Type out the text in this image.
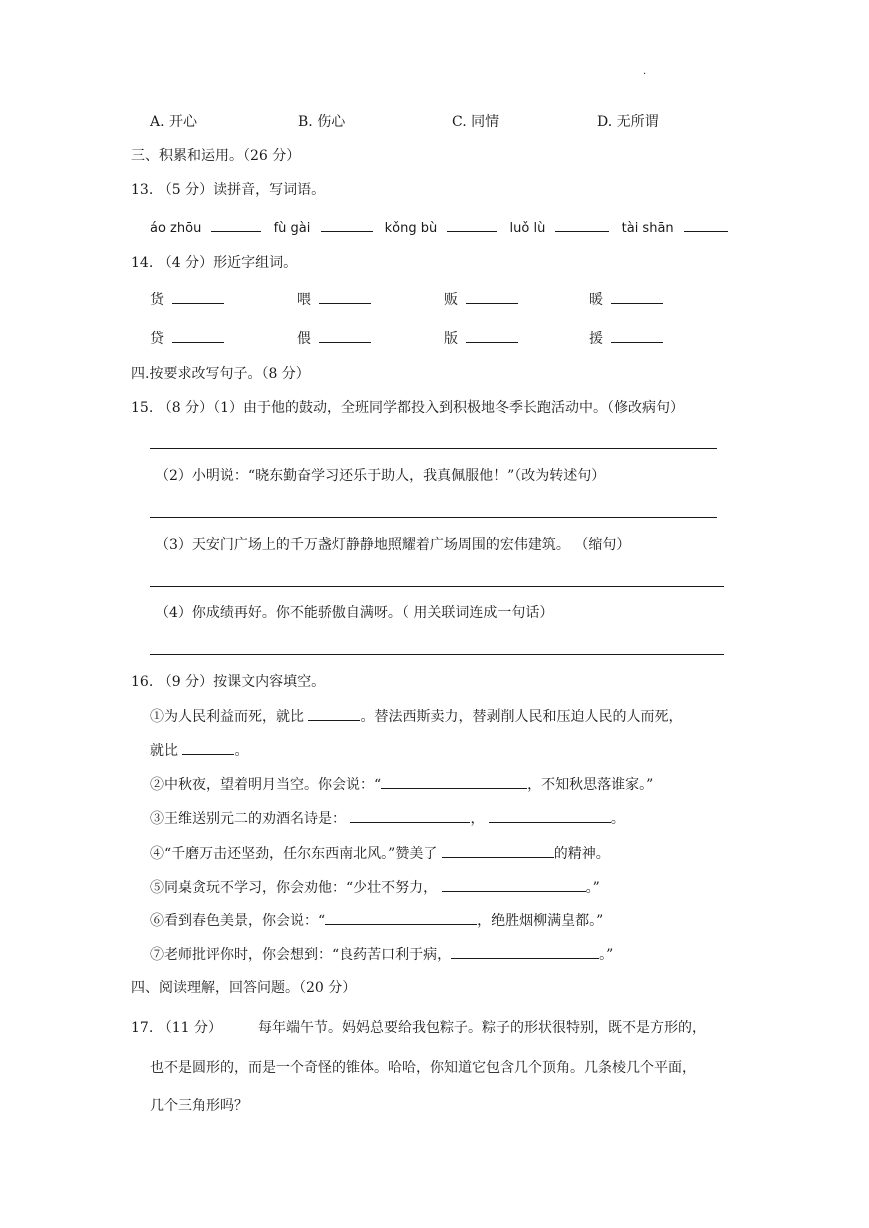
.
A. 开心	B. 伤心	C. 同情	D. 无所谓
三、积累和运用。（26 分）
13. （5 分）读拼音，写词语。
áo zhōu	fù gài	kǒng bù	luǒ lù	tài shān
14. （4 分）形近字组词。
货	喂	贩	暖
贷	偎	版	援
四.按要求改写句子。（8 分）
15. （8 分）（1）由于他的鼓动，全班同学都投入到积极地冬季长跑活动中。（修改病句）
（2）小明说：“晓东勤奋学习还乐于助人，我真佩服他！”（改为转述句）
（3）天安门广场上的千万盏灯静静地照耀着广场周围的宏伟建筑。 （缩句）
（4）你成绩再好。你不能骄傲自满呀。（ 用关联词连成一句话）
16. （9 分）按课文内容填空。
①为人民利益而死，就比	。替法西斯卖力，替剥削人民和压迫人民的人而死，
就比	。
②中秋夜，望着明月当空。你会说：“	，不知秋思落谁家。”
③王维送别元二的劝酒名诗是：	，	。
④“千磨万击还坚劲，任尔东西南北风。”赞美了	的精神。
⑤同桌贪玩不学习，你会劝他：“少壮不努力，	。”
⑥看到春色美景，你会说：“	，绝胜烟柳满皇都。”
⑦老师批评你时，你会想到：“良药苦口利于病，	。”
四、阅读理解，回答问题。（20 分）
17. （11 分）	每年端午节。妈妈总要给我包粽子。粽子的形状很特别，既不是方形的，
也不是圆形的，而是一个奇怪的锥体。哈哈，你知道它包含几个顶角。几条棱几个平面，
几个三角形吗？
